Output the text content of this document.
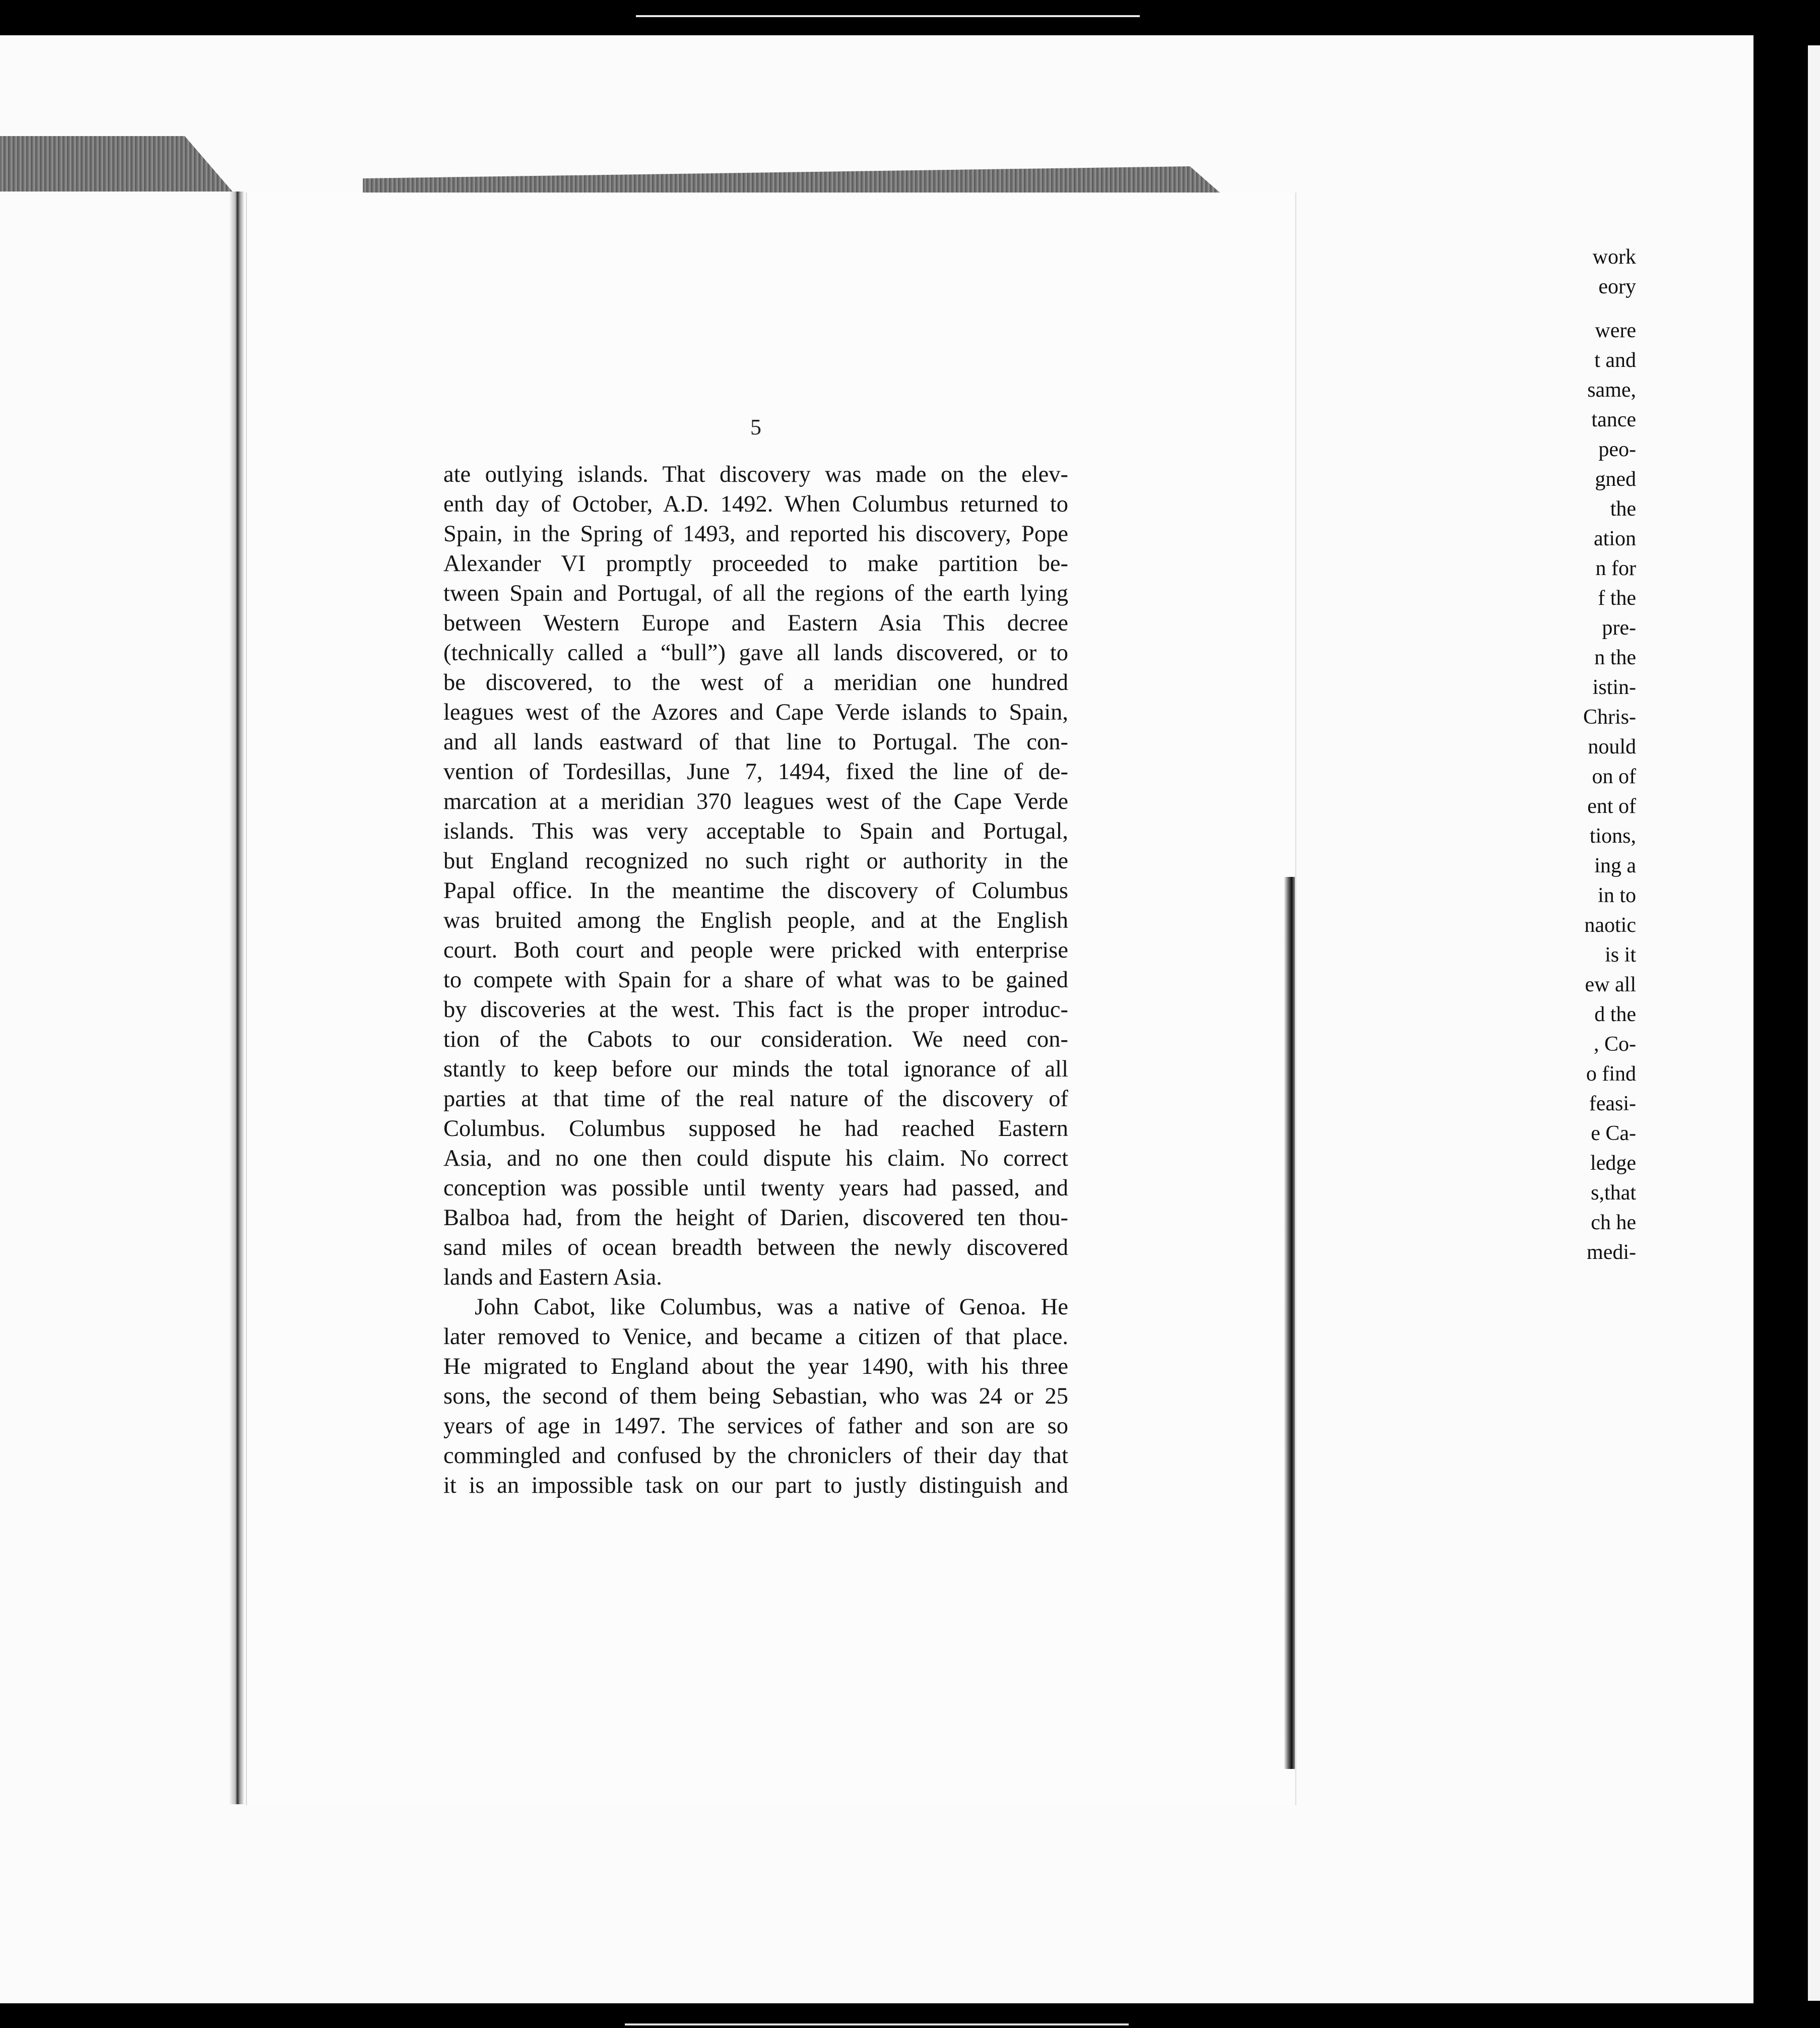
work
eory
were
t and
same,
tance
peo-
gned
the
ation
n for
f the
pre-
n the
istin-
Chris-
nould
on of
ent of
tions,
ing a
in to
naotic
is it
ew all
d the
, Co-
o find
feasi-
e Ca-
ledge
s,that
ch he
medi-
5
ate outlying islands. That discovery was made on the elev-
enth day of October, A.D. 1492. When Columbus returned to
Spain, in the Spring of 1493, and reported his discovery, Pope
Alexander VI promptly proceeded to make partition be-
tween Spain and Portugal, of all the regions of the earth lying
between Western Europe and Eastern Asia This decree
(technically called a “bull”) gave all lands discovered, or to
be discovered, to the west of a meridian one hundred
leagues west of the Azores and Cape Verde islands to Spain,
and all lands eastward of that line to Portugal. The con-
vention of Tordesillas, June 7, 1494, fixed the line of de-
marcation at a meridian 370 leagues west of the Cape Verde
islands. This was very acceptable to Spain and Portugal,
but England recognized no such right or authority in the
Papal office. In the meantime the discovery of Columbus
was bruited among the English people, and at the English
court. Both court and people were pricked with enterprise
to compete with Spain for a share of what was to be gained
by discoveries at the west. This fact is the proper introduc-
tion of the Cabots to our consideration. We need con-
stantly to keep before our minds the total ignorance of all
parties at that time of the real nature of the discovery of
Columbus. Columbus supposed he had reached Eastern
Asia, and no one then could dispute his claim. No correct
conception was possible until twenty years had passed, and
Balboa had, from the height of Darien, discovered ten thou-
sand miles of ocean breadth between the newly discovered
lands and Eastern Asia.
John Cabot, like Columbus, was a native of Genoa. He
later removed to Venice, and became a citizen of that place.
He migrated to England about the year 1490, with his three
sons, the second of them being Sebastian, who was 24 or 25
years of age in 1497. The services of father and son are so
commingled and confused by the chroniclers of their day that
it is an impossible task on our part to justly distinguish and
